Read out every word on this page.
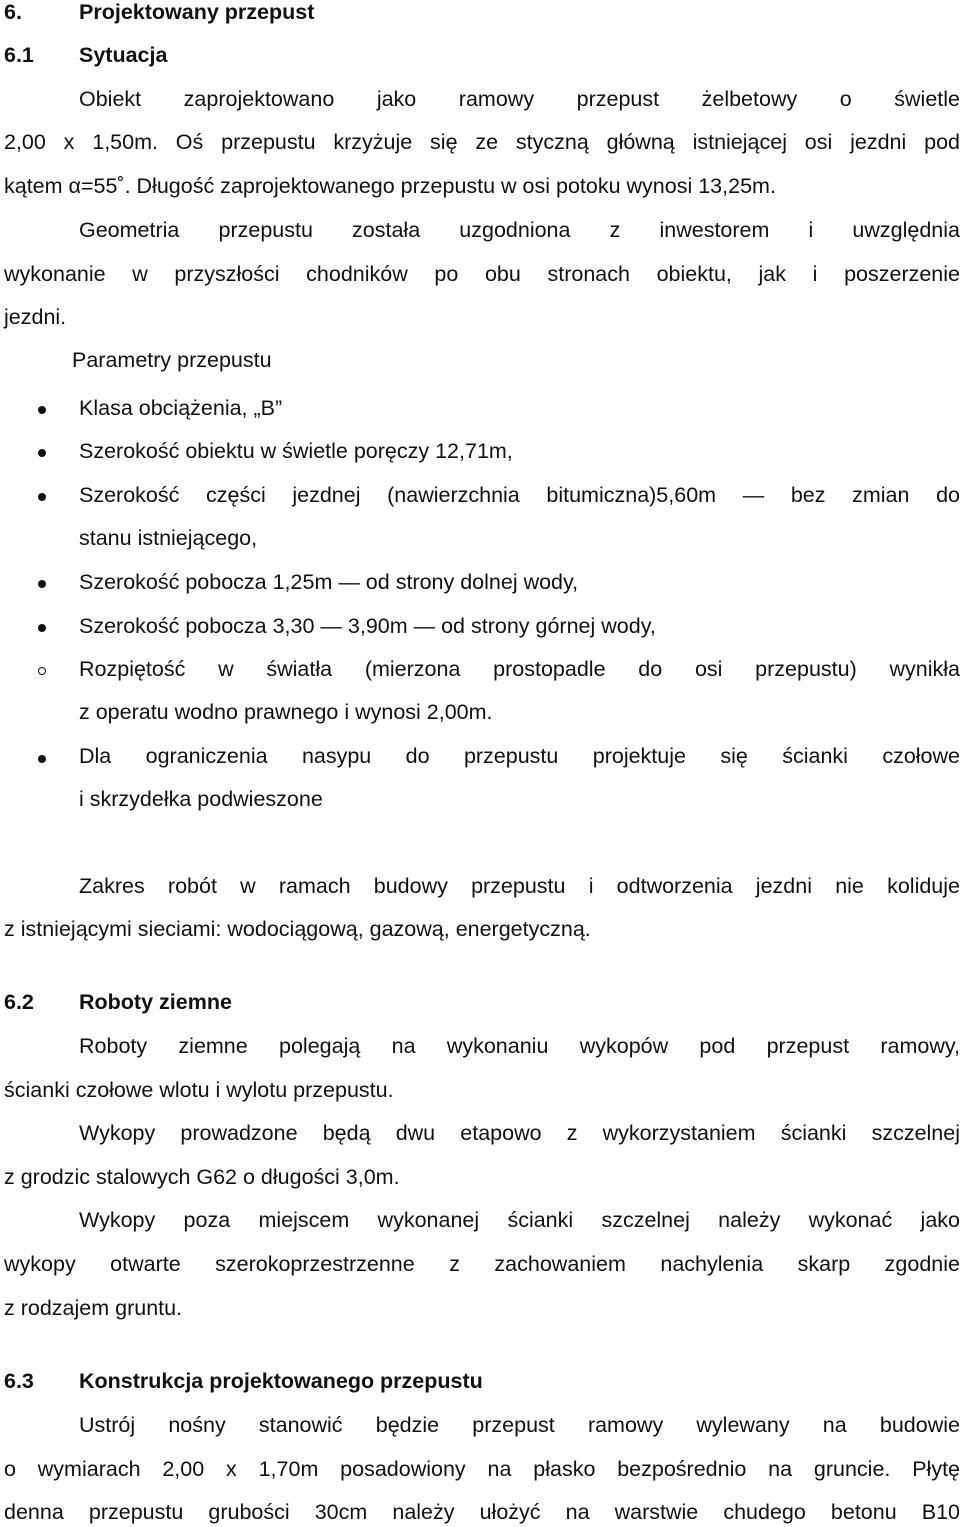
6.	Projektowany przepust
6.1 Sytuacja
Obiekt zaprojektowano jako ramowy przepust żelbetowy o świetle
2,00 x 1,50m. Oś przepustu krzyżuje się ze styczną główną istniejącej osi jezdni pod
kątem α=55˚. Długość zaprojektowanego przepustu w osi potoku wynosi 13,25m.
Geometria przepustu została uzgodniona z inwestorem i uwzględnia
wykonanie w przyszłości chodników po obu stronach obiektu, jak i poszerzenie
jezdni.
Parametry przepustu
Klasa obciążenia, „B”
Szerokość obiektu w świetle poręczy 12,71m,
Szerokość części jezdnej (nawierzchnia bitumiczna)5,60m — bez zmian do
stanu istniejącego,
Szerokość pobocza 1,25m — od strony dolnej wody,
Szerokość pobocza 3,30 — 3,90m — od strony górnej wody,
Rozpiętość w światła (mierzona prostopadle do osi przepustu) wynikła
z operatu wodno prawnego i wynosi 2,00m.
Dla ograniczenia nasypu do przepustu projektuje się ścianki czołowe
i skrzydełka podwieszone
Zakres robót w ramach budowy przepustu i odtworzenia jezdni nie koliduje
z istniejącymi sieciami: wodociągową, gazową, energetyczną.
6.2 Roboty ziemne
Roboty ziemne polegają na wykonaniu wykopów pod przepust ramowy,
ścianki czołowe wlotu i wylotu przepustu.
Wykopy prowadzone będą dwu etapowo z wykorzystaniem ścianki szczelnej
z grodzic stalowych G62 o długości 3,0m.
Wykopy poza miejscem wykonanej ścianki szczelnej należy wykonać jako
wykopy otwarte szerokoprzestrzenne z zachowaniem nachylenia skarp zgodnie
z rodzajem gruntu.
6.3 Konstrukcja projektowanego przepustu
Ustrój nośny stanowić będzie przepust ramowy wylewany na budowie
o wymiarach 2,00 x 1,70m posadowiony na płasko bezpośrednio na gruncie. Płytę
denna przepustu grubości 30cm należy ułożyć na warstwie chudego betonu B10
